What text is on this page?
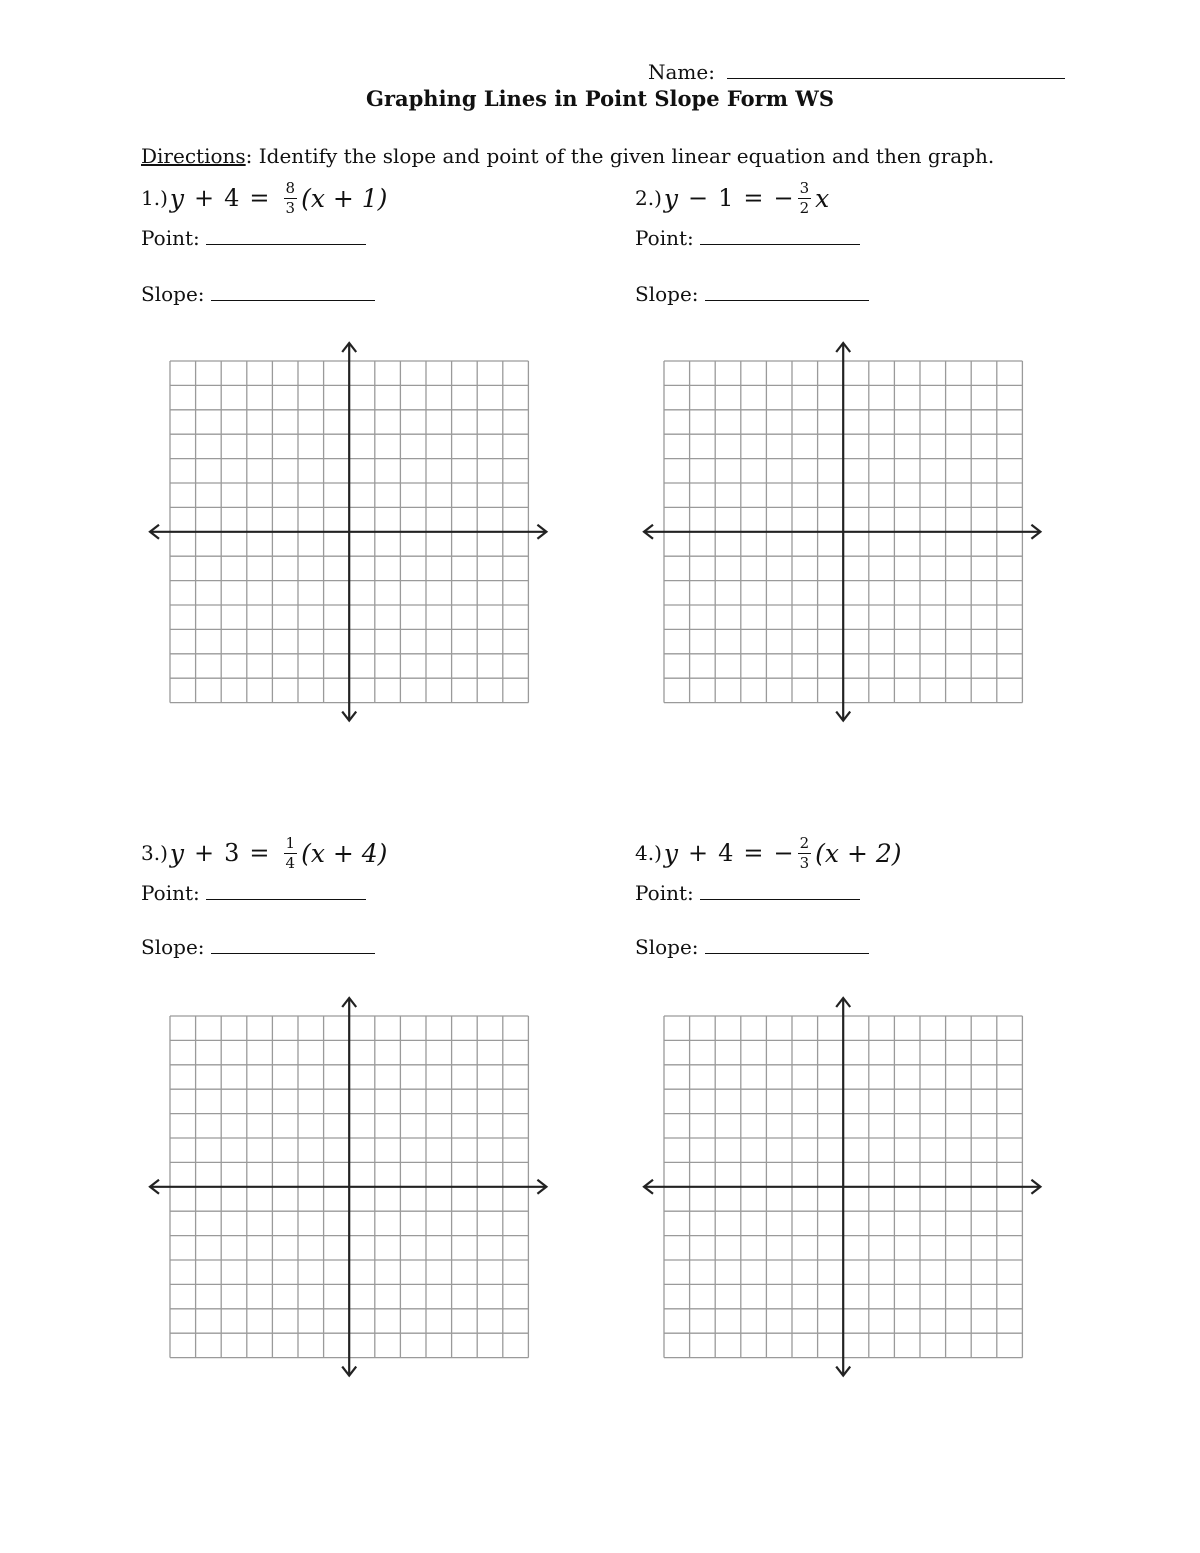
Name:
Graphing Lines in Point Slope Form WS
Directions: Identify the slope and point of the given linear equation and then graph.
1.) $y + 4 = \frac{8}{3} (x + 1)$
Point:
Slope:
2.) y − 1 = − $\frac{3}{2}$ x
Point:
Slope:
3.) $y + 3 = \frac{1}{4} (x + 4)$
Point:
Slope:
4.) y + 4 = − $\frac{2}{3} (x + 2)$
Point:
Slope:
